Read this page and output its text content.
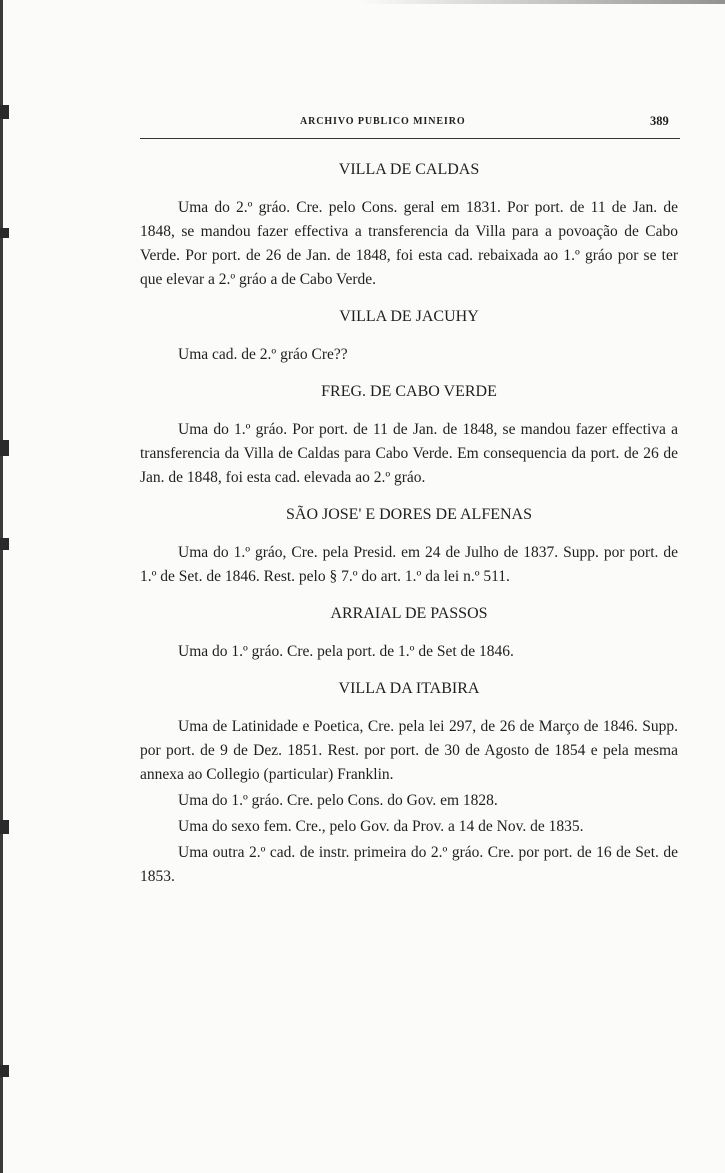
ARCHIVO PUBLICO MINEIRO	389
VILLA DE CALDAS

Uma do 2.º gráo. Cre. pelo Cons. geral em 1831. Por port. de 11 de Jan. de 1848, se mandou fazer effectiva a transferencia da Villa para a povoação de Cabo Verde. Por port. de 26 de Jan. de 1848, foi esta cad. rebaixada ao 1.º gráo por se ter que elevar a 2.º gráo a de Cabo Verde.

VILLA DE JACUHY

Uma cad. de 2.º gráo Cre??

FREG. DE CABO VERDE

Uma do 1.º gráo. Por port. de 11 de Jan. de 1848, se mandou fazer effectiva a transferencia da Villa de Caldas para Cabo Verde. Em consequencia da port. de 26 de Jan. de 1848, foi esta cad. elevada ao 2.º gráo.

SÃO JOSE' E DORES DE ALFENAS

Uma do 1.º gráo, Cre. pela Presid. em 24 de Julho de 1837. Supp. por port. de 1.º de Set. de 1846. Rest. pelo § 7.º do art. 1.º da lei n.º 511.

ARRAIAL DE PASSOS

Uma do 1.º gráo. Cre. pela port. de 1.º de Set de 1846.

VILLA DA ITABIRA

Uma de Latinidade e Poetica, Cre. pela lei 297, de 26 de Março de 1846. Supp. por port. de 9 de Dez. 1851. Rest. por port. de 30 de Agosto de 1854 e pela mesma annexa ao Collegio (particular) Franklin.

Uma do 1.º gráo. Cre. pelo Cons. do Gov. em 1828.

Uma do sexo fem. Cre., pelo Gov. da Prov. a 14 de Nov. de 1835.

Uma outra 2.º cad. de instr. primeira do 2.º gráo. Cre. por port. de 16 de Set. de 1853.
